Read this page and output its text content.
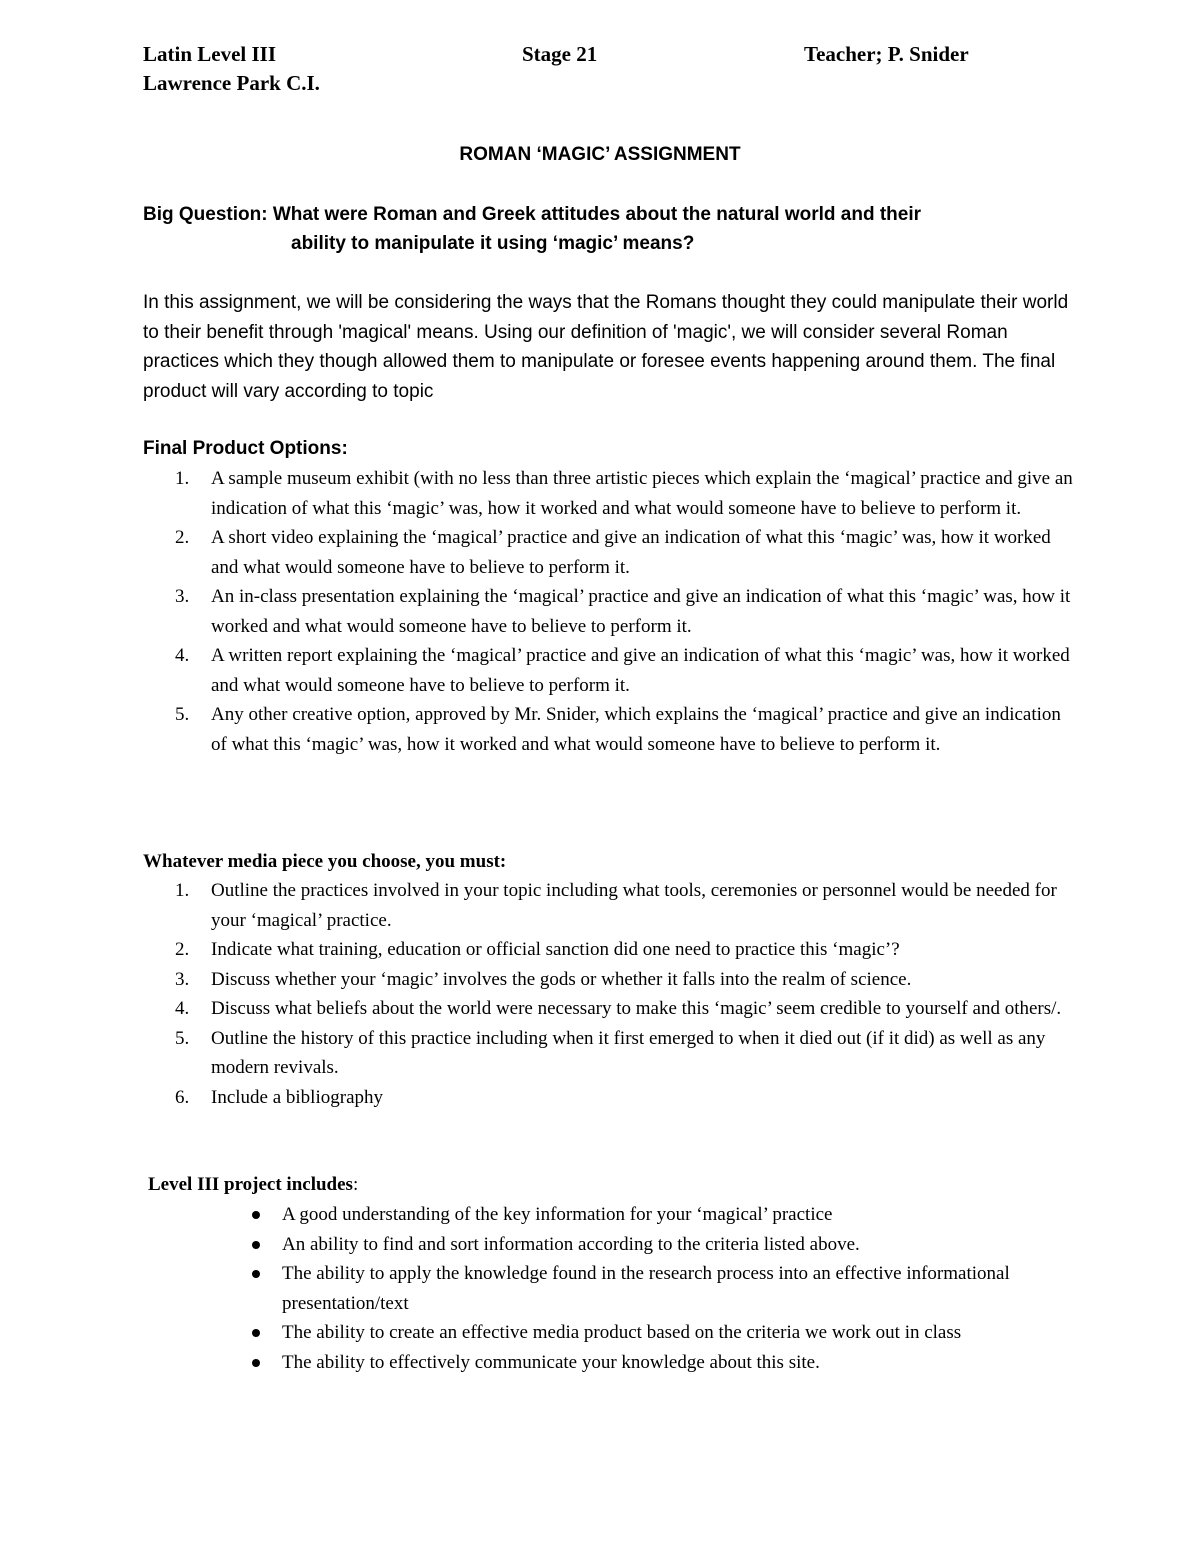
Latin Level III	Stage 21	Teacher; P. Snider
Lawrence Park C.I.
ROMAN ‘MAGIC’ ASSIGNMENT
Big Question: What were Roman and Greek attitudes about the natural world and their
ability to manipulate it using ‘magic’ means?
In this assignment, we will be considering the ways that the Romans thought they could manipulate their world to their benefit through 'magical' means. Using our definition of 'magic', we will consider several Roman practices which they though allowed them to manipulate or foresee events happening around them. The final product will vary according to topic
Final Product Options:
1. A sample museum exhibit (with no less than three artistic pieces which explain the ‘magical’ practice and give an indication of what this ‘magic’ was, how it worked and what would someone have to believe to perform it.
2. A short video explaining the ‘magical’ practice and give an indication of what this ‘magic’ was, how it worked and what would someone have to believe to perform it.
3. An in-class presentation explaining the ‘magical’ practice and give an indication of what this ‘magic’ was, how it worked and what would someone have to believe to perform it.
4. A written report explaining the ‘magical’ practice and give an indication of what this ‘magic’ was, how it worked and what would someone have to believe to perform it.
5. Any other creative option, approved by Mr. Snider, which explains the ‘magical’ practice and give an indication of what this ‘magic’ was, how it worked and what would someone have to believe to perform it.
Whatever media piece you choose, you must:
1. Outline the practices involved in your topic including what tools, ceremonies or personnel would be needed for your ‘magical’ practice.
2. Indicate what training, education or official sanction did one need to practice this ‘magic’?
3. Discuss whether your ‘magic’ involves the gods or whether it falls into the realm of science.
4. Discuss what beliefs about the world were necessary to make this ‘magic’ seem credible to yourself and others/.
5. Outline the history of this practice including when it first emerged to when it died out (if it did) as well as any modern revivals.
6. Include a bibliography
Level III project includes:
A good understanding of the key information for your ‘magical’ practice
An ability to find and sort information according to the criteria listed above.
The ability to apply the knowledge found in the research process into an effective informational presentation/text
The ability to create an effective media product based on the criteria we work out in class
The ability to effectively communicate your knowledge about this site.
